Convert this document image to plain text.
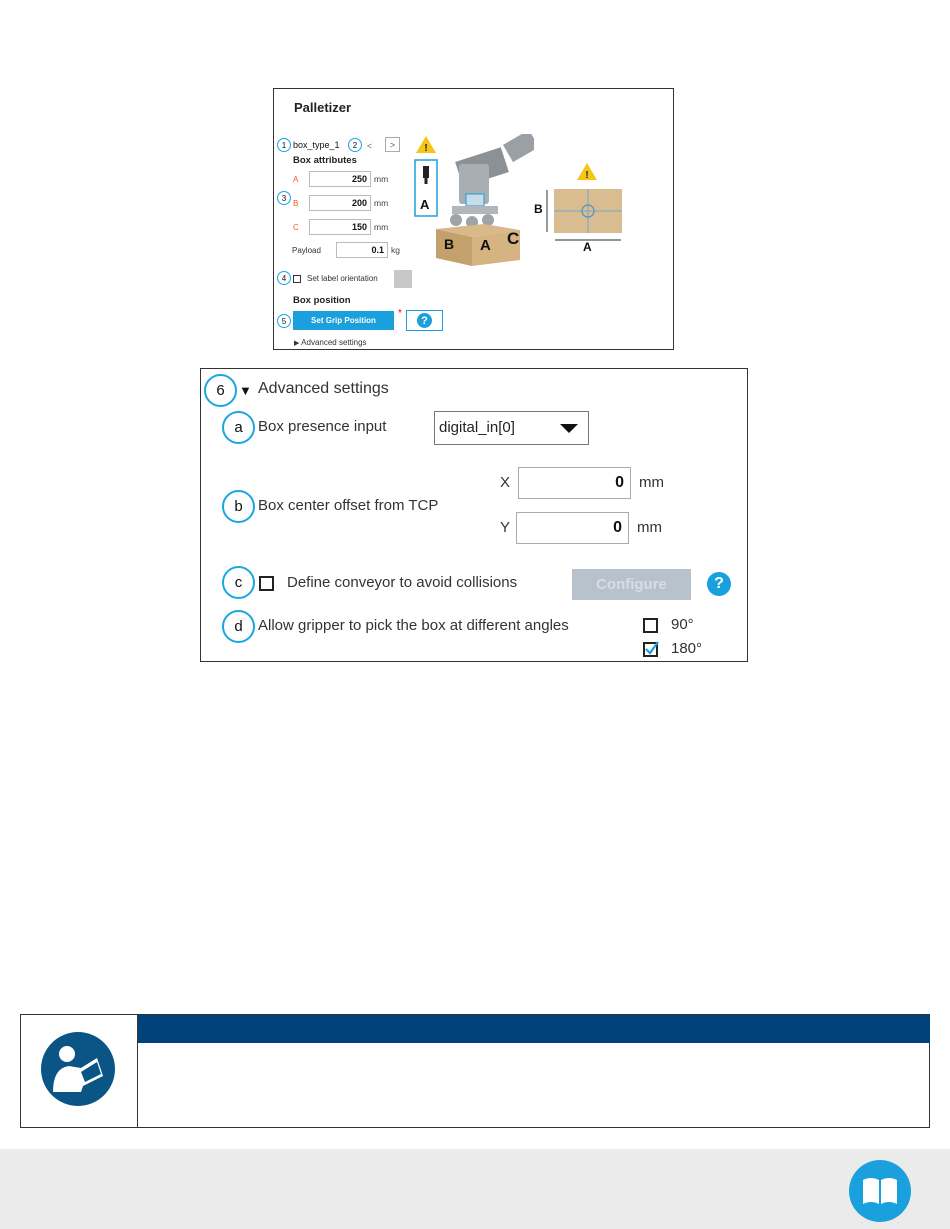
Palletizer
1 box_type_1	2	<	>
Box attributes
3
A	250 mm
B	200 mm
C	150 mm
Payload	0.1 kg
4	Set label orientation
Box position
5	Set Grip Position
*
?
▶ Advanced settings
!
C
A
B
A
!
B
A
6	▼ Advanced settings
a	Box presence input	digital_in[0]
b	Box center offset from TCP
X	0	mm
Y	0	mm
c	Define conveyor to avoid collisions	Configure	?
d	Allow gripper to pick the box at different angles	90°
180°
